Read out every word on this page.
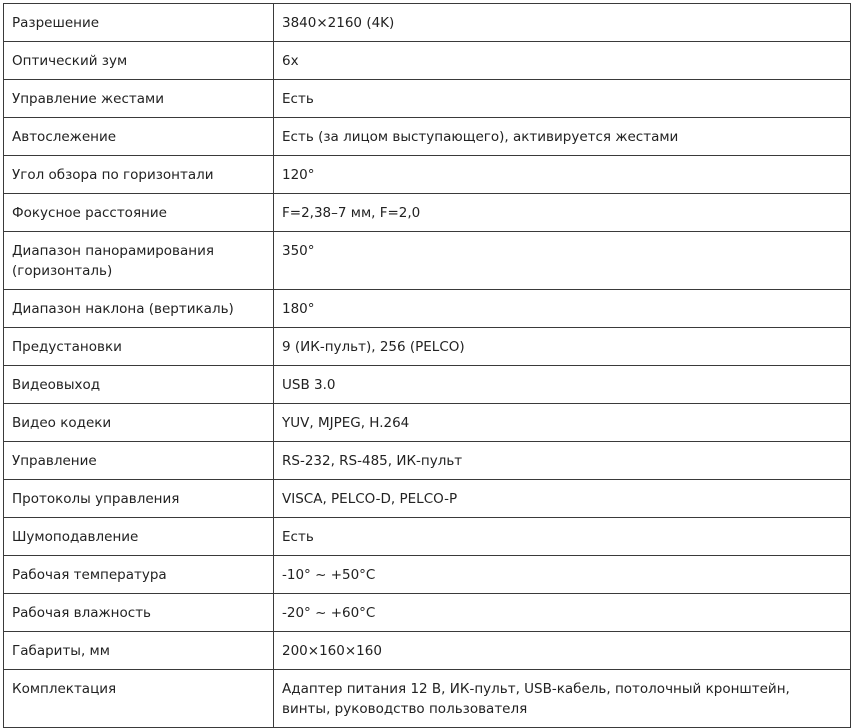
Разрешение	3840×2160 (4K)
Оптический зум	6x
Управление жестами	Есть
Автослежение	Есть (за лицом выступающего), активируется жестами
Угол обзора по горизонтали	120°
Фокусное расстояние	F=2,38–7 мм, F=2,0
Диапазон панорамирования (горизонталь)	350°
Диапазон наклона (вертикаль)	180°
Предустановки	9 (ИК-пульт), 256 (PELCO)
Видеовыход	USB 3.0
Видео кодеки	YUV, MJPEG, H.264
Управление	RS-232, RS-485, ИК-пульт
Протоколы управления	VISCA, PELCO-D, PELCO-P
Шумоподавление	Есть
Рабочая температура	-10° ~ +50°C
Рабочая влажность	-20° ~ +60°C
Габариты, мм	200×160×160
Комплектация	Адаптер питания 12 В, ИК-пульт, USB-кабель, потолочный кронштейн, винты, руководство пользователя
